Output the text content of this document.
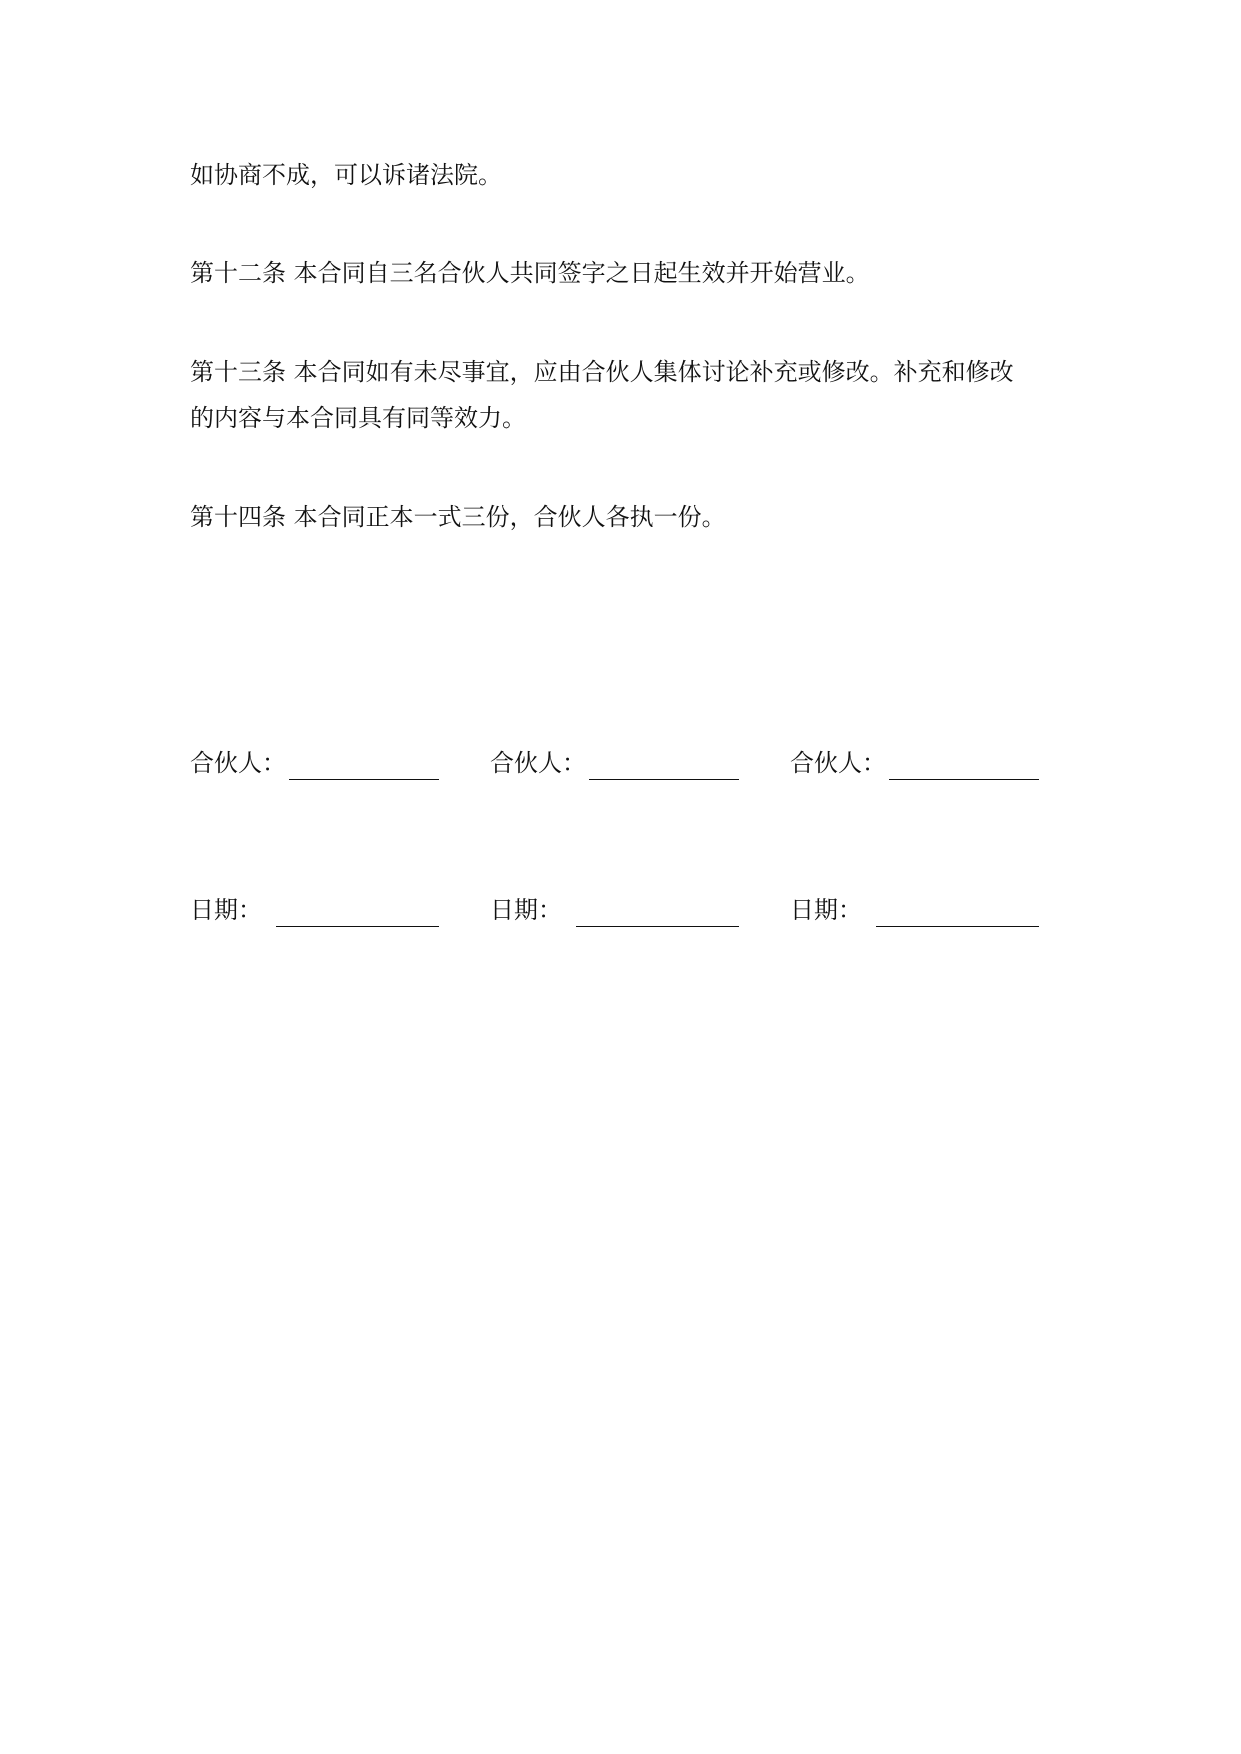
如协商不成，可以诉诸法院。

第十二条 本合同自三名合伙人共同签字之日起生效并开始营业。

第十三条 本合同如有未尽事宜，应由合伙人集体讨论补充或修改。补充和修改
的内容与本合同具有同等效力。

第十四条 本合同正本一式三份，合伙人各执一份。

合伙人：	合伙人：	合伙人：
日期：	日期：	日期：
